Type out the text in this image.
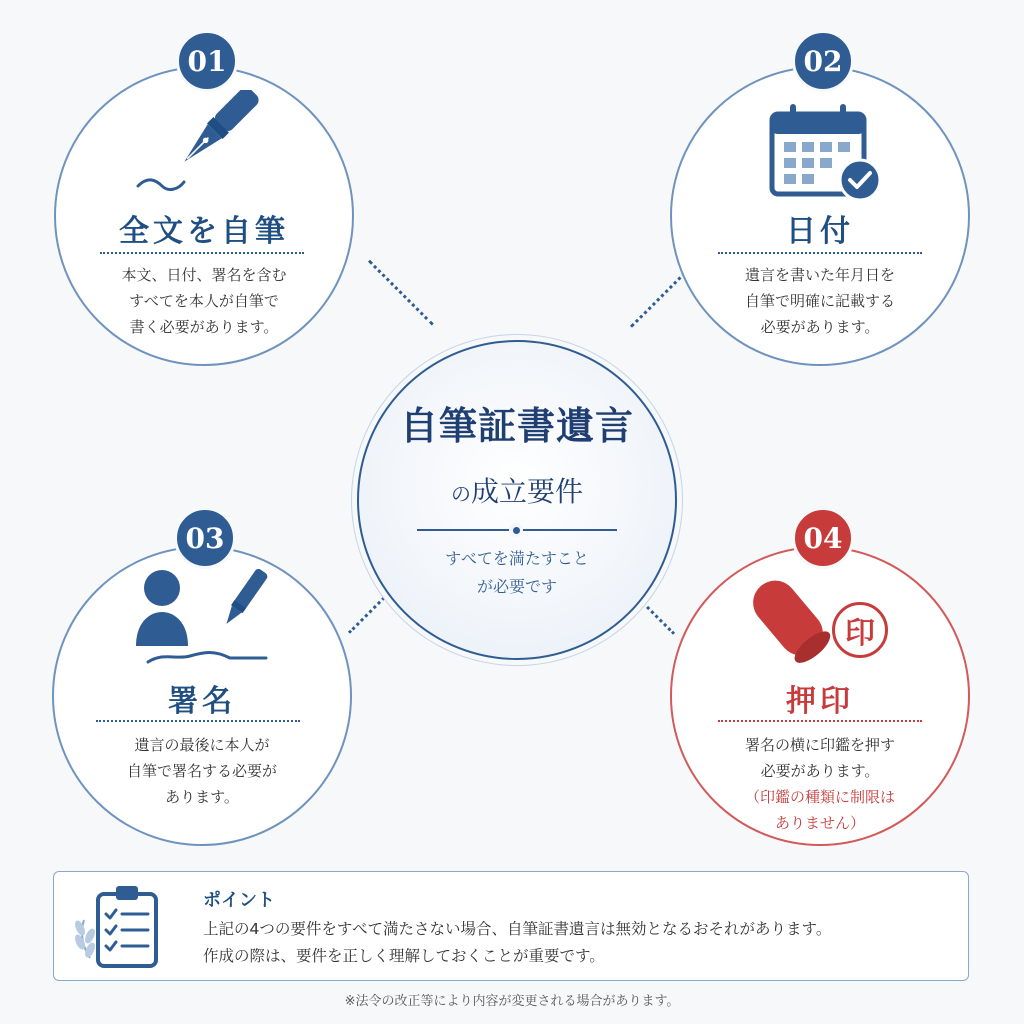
01
全文を自筆
本文、日付、署名を含む
すべてを本人が自筆で
書く必要があります。
02
日付
遺言を書いた年月日を
自筆で明確に記載する
必要があります。
03
署名
遺言の最後に本人が
自筆で署名する必要が
あります。
04
印
押印
署名の横に印鑑を押す
必要があります。
（印鑑の種類に制限は
ありません）
自筆証書遺言
の成立要件
すべてを満たすこと
が必要です
ポイント
上記の4つの要件をすべて満たさない場合、自筆証書遺言は無効となるおそれがあります。
作成の際は、要件を正しく理解しておくことが重要です。
※法令の改正等により内容が変更される場合があります。
